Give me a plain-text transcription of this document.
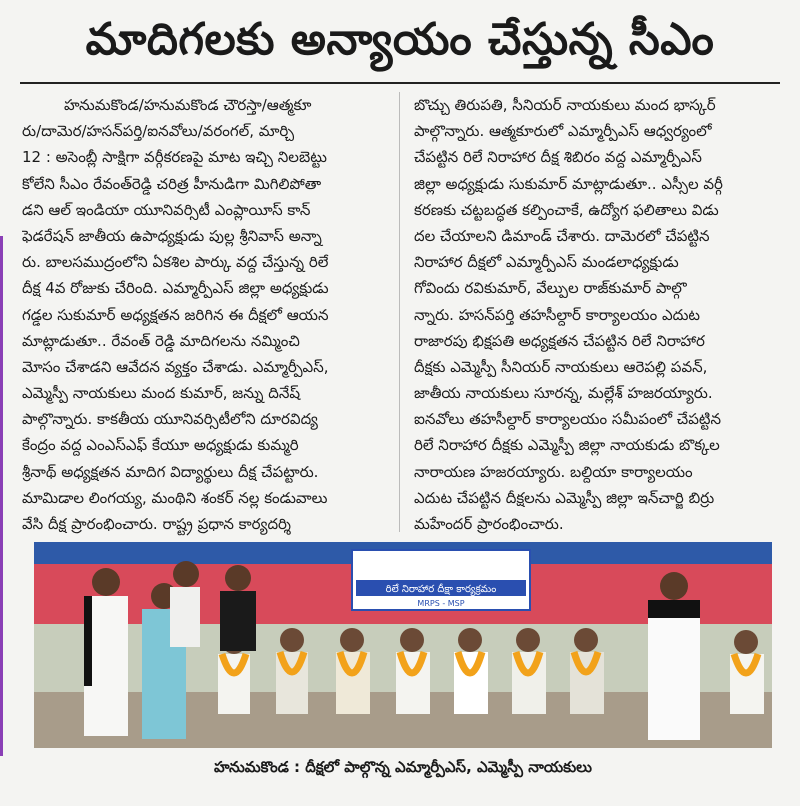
మాదిగలకు అన్యాయం చేస్తున్న సీఎం
హనుమకొండ/హనుమకొండ చౌరస్తా/ఆత్మకూ
రు/దామెర/హసన్‌పర్తి/ఐనవోలు/వరంగల్, మార్చి
12 : అసెంబ్లీ సాక్షిగా వర్గీకరణపై మాట ఇచ్చి నిలబెట్టు
కోలేని సీఎం రేవంత్‌రెడ్డి చరిత్ర హీనుడిగా మిగిలిపోతా
డని ఆల్ ఇండియా యూనివర్సిటీ ఎంప్లాయీస్ కాన్
ఫెడరేషన్ జాతీయ ఉపాధ్యక్షుడు పుల్ల శ్రీనివాస్ అన్నా
రు. బాలసముద్రంలోని ఏకశిల పార్కు వద్ద చేస్తున్న రిలే
దీక్ష 4వ రోజుకు చేరింది. ఎమ్మార్పీఎస్ జిల్లా అధ్యక్షుడు
గడ్డల సుకుమార్ అధ్యక్షతన జరిగిన ఈ దీక్షలో ఆయన
మాట్లాడుతూ.. రేవంత్ రెడ్డి మాదిగలను నమ్మించి
మోసం చేశాడని ఆవేదన వ్యక్తం చేశాడు. ఎమ్మార్పీఎస్,
ఎమ్మెస్పీ నాయకులు మంద కుమార్, జన్ను దినేష్
పాల్గొన్నారు. కాకతీయ యూనివర్సిటీలోని దూరవిద్య
కేంద్రం వద్ద ఎంఎస్ఎఫ్ కేయూ అధ్యక్షుడు కుమ్మరి
శ్రీనాథ్ అధ్యక్షతన మాదిగ విద్యార్థులు దీక్ష చేపట్టారు.
మామిడాల లింగయ్య, మంథిని శంకర్ నల్ల కండువాలు
వేసి దీక్ష ప్రారంభించారు. రాష్ట్ర ప్రధాన కార్యదర్శి
బొచ్చు తిరుపతి, సీనియర్ నాయకులు మంద భాస్కర్
పాల్గొన్నారు. ఆత్మకూరులో ఎమ్మార్పీఎస్ ఆధ్వర్యంలో
చేపట్టిన రిలే నిరాహార దీక్ష శిబిరం వద్ద ఎమ్మార్పీఎస్
జిల్లా అధ్యక్షుడు సుకుమార్ మాట్లాడుతూ.. ఎస్సీల వర్గీ
కరణకు చట్టబద్ధత కల్పించాకే, ఉద్యోగ ఫలితాలు విడు
దల చేయాలని డిమాండ్ చేశారు. దామెరలో చేపట్టిన
నిరాహార దీక్షలో ఎమ్మార్పీఎస్ మండలాధ్యక్షుడు
గోవిందు రవికుమార్, వేల్పుల రాజ్‌కుమార్ పాల్గొ
న్నారు. హసన్‌పర్తి తహసీల్దార్ కార్యాలయం ఎదుట
రాజారపు భిక్షపతి అధ్యక్షతన చేపట్టిన రిలే నిరాహార
దీక్షకు ఎమ్మెస్పీ సీనియర్ నాయకులు ఆరెపల్లి పవన్,
జాతీయ నాయకులు సూరన్న, మల్లేశ్ హజరయ్యారు.
ఐనవోలు తహసీల్దార్ కార్యాలయం సమీపంలో చేపట్టిన
రిలే నిరాహార దీక్షకు ఎమ్మెస్పీ జిల్లా నాయకుడు బొక్కల
నారాయణ హజరయ్యారు. బల్దియా కార్యాలయం
ఎదుట చేపట్టిన దీక్షలను ఎమ్మెస్పీ జిల్లా ఇన్‌చార్జి బిర్రు
మహేందర్ ప్రారంభించారు.
రిలే నిరాహార దీక్షా కార్యక్రమం
MRPS - MSP
హనుమకొండ : దీక్షలో పాల్గొన్న ఎమ్మార్పీఎస్, ఎమ్మెస్పీ నాయకులు
